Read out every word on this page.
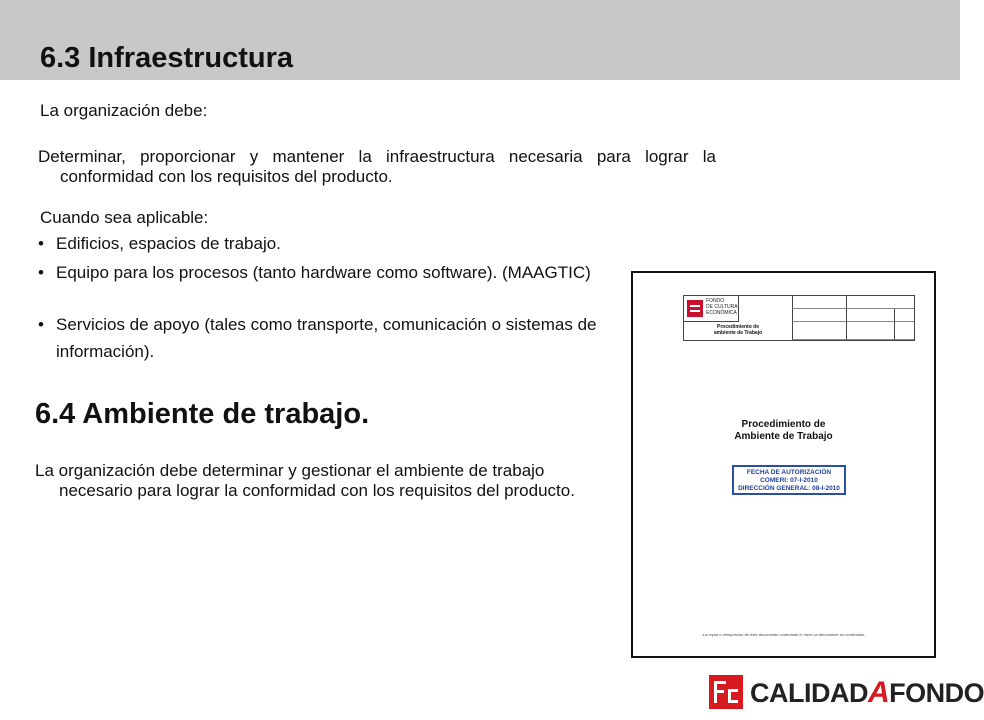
6.3 Infraestructura

La organización debe:

Determinar, proporcionar y mantener la infraestructura necesaria para lograr la conformidad con los requisitos del producto.

Cuando sea aplicable:

• Edificios, espacios de trabajo.
• Equipo para los procesos (tanto hardware como software). (MAAGTIC)
• Servicios de apoyo (tales como transporte, comunicación o sistemas de información).
6.4 Ambiente de trabajo.
La organización debe determinar y gestionar el ambiente de trabajo necesario para lograr la conformidad con los requisitos del producto.
FONDO
DE CULTURA
ECONÓMICA
Procedimiento de
ambiente de Trabajo
Procedimiento de
Ambiente de Trabajo
FECHA DE AUTORIZACIÓN
COMERI: 07-I-2010
DIRECCIÓN GENERAL: 08-I-2010
-La copia o reimpresión de este documento controlado lo hace un documento no controlado-
CALIDADAFONDO
